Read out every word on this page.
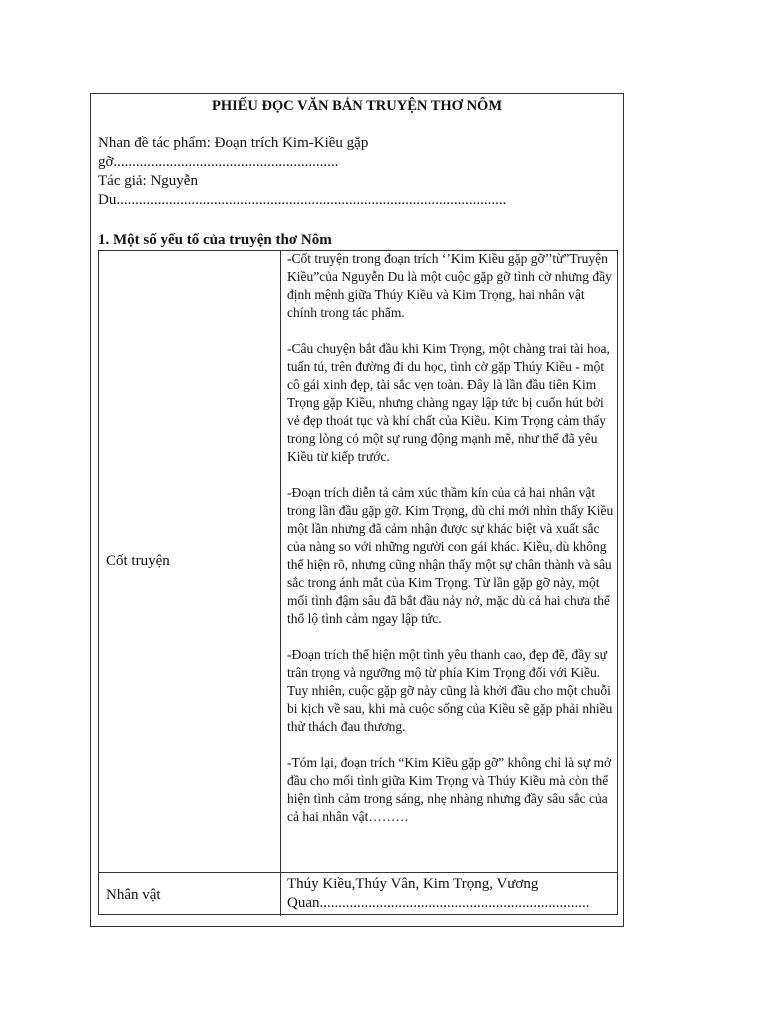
PHIẾU ĐỌC VĂN BẢN TRUYỆN THƠ NÔM
Nhan đề tác phẩm: Đoạn trích Kim-Kiều gặp
gỡ............................................................
Tác giả: Nguyễn
Du........................................................................................................
1. Một số yếu tố của truyện thơ Nôm
Cốt truyện

-Cốt truyện trong đoạn trích ‘’Kim Kiều gặp gỡ’’từ”Truyện Kiều”của Nguyễn Du là một cuộc gặp gỡ tình cờ nhưng đầy định mệnh giữa Thúy Kiều và Kim Trọng, hai nhân vật chính trong tác phẩm.

-Câu chuyện bắt đầu khi Kim Trọng, một chàng trai tài hoa, tuấn tú, trên đường đi du học, tình cờ gặp Thúy Kiều - một cô gái xinh đẹp, tài sắc vẹn toàn. Đây là lần đầu tiên Kim Trọng gặp Kiều, nhưng chàng ngay lập tức bị cuốn hút bởi vẻ đẹp thoát tục và khí chất của Kiều. Kim Trọng cảm thấy trong lòng có một sự rung động mạnh mẽ, như thể đã yêu Kiều từ kiếp trước.

-Đoạn trích diễn tả cảm xúc thầm kín của cả hai nhân vật trong lần đầu gặp gỡ. Kim Trọng, dù chỉ mới nhìn thấy Kiều một lần nhưng đã cảm nhận được sự khác biệt và xuất sắc của nàng so với những người con gái khác. Kiều, dù không thể hiện rõ, nhưng cũng nhận thấy một sự chân thành và sâu sắc trong ánh mắt của Kim Trọng. Từ lần gặp gỡ này, một mối tình đậm sâu đã bắt đầu nảy nở, mặc dù cả hai chưa thể thổ lộ tình cảm ngay lập tức.

-Đoạn trích thể hiện một tình yêu thanh cao, đẹp đẽ, đầy sự trân trọng và ngưỡng mộ từ phía Kim Trọng đối với Kiều. Tuy nhiên, cuộc gặp gỡ này cũng là khởi đầu cho một chuỗi bi kịch về sau, khi mà cuộc sống của Kiều sẽ gặp phải nhiều thử thách đau thương.

-Tóm lại, đoạn trích “Kim Kiều gặp gỡ” không chỉ là sự mở đầu cho mối tình giữa Kim Trọng và Thúy Kiều mà còn thể hiện tình cảm trong sáng, nhẹ nhàng nhưng đầy sâu sắc của cả hai nhân vật………

Nhân vật
Thúy Kiều,Thúy Vân, Kim Trọng, Vương Quan........................................................................
